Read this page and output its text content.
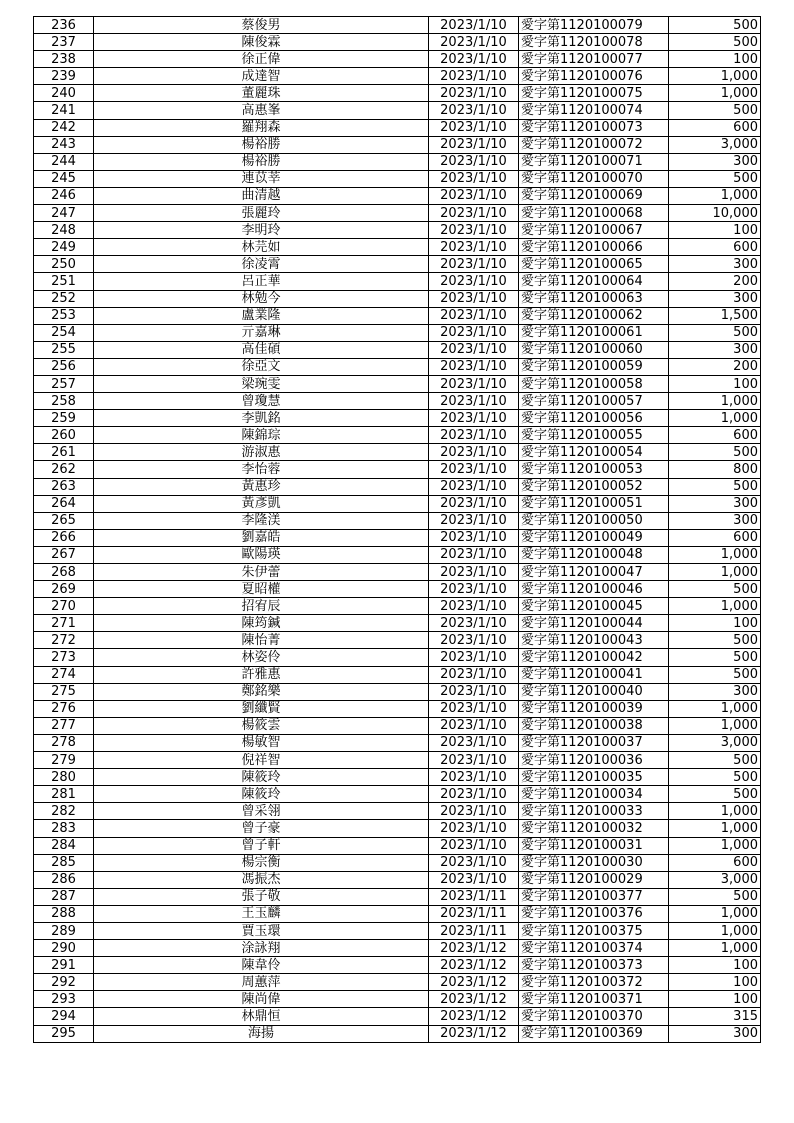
236	蔡俊男	2023/1/10	愛字第1120100079	500
237	陳俊霖	2023/1/10	愛字第1120100078	500
238	徐正偉	2023/1/10	愛字第1120100077	100
239	成達智	2023/1/10	愛字第1120100076	1,000
240	董麗珠	2023/1/10	愛字第1120100075	1,000
241	高惠峯	2023/1/10	愛字第1120100074	500
242	羅翔森	2023/1/10	愛字第1120100073	600
243	楊裕勝	2023/1/10	愛字第1120100072	3,000
244	楊裕勝	2023/1/10	愛字第1120100071	300
245	連苡莘	2023/1/10	愛字第1120100070	500
246	曲清越	2023/1/10	愛字第1120100069	1,000
247	張麗玲	2023/1/10	愛字第1120100068	10,000
248	李明玲	2023/1/10	愛字第1120100067	100
249	林芫如	2023/1/10	愛字第1120100066	600
250	徐凌霄	2023/1/10	愛字第1120100065	300
251	呂正華	2023/1/10	愛字第1120100064	200
252	林勉今	2023/1/10	愛字第1120100063	300
253	盧業隆	2023/1/10	愛字第1120100062	1,500
254	亓嘉琳	2023/1/10	愛字第1120100061	500
255	高佳碩	2023/1/10	愛字第1120100060	300
256	徐亞文	2023/1/10	愛字第1120100059	200
257	梁琬雯	2023/1/10	愛字第1120100058	100
258	曾瓊慧	2023/1/10	愛字第1120100057	1,000
259	李凱銘	2023/1/10	愛字第1120100056	1,000
260	陳錦琮	2023/1/10	愛字第1120100055	600
261	游淑惠	2023/1/10	愛字第1120100054	500
262	李怡蓉	2023/1/10	愛字第1120100053	800
263	黃惠珍	2023/1/10	愛字第1120100052	500
264	黃彥凱	2023/1/10	愛字第1120100051	300
265	李隆渼	2023/1/10	愛字第1120100050	300
266	劉嘉皓	2023/1/10	愛字第1120100049	600
267	歐陽瑛	2023/1/10	愛字第1120100048	1,000
268	朱伊蕾	2023/1/10	愛字第1120100047	1,000
269	夏昭權	2023/1/10	愛字第1120100046	500
270	招宥辰	2023/1/10	愛字第1120100045	1,000
271	陳筠鍼	2023/1/10	愛字第1120100044	100
272	陳怡菁	2023/1/10	愛字第1120100043	500
273	林姿伶	2023/1/10	愛字第1120100042	500
274	許雅惠	2023/1/10	愛字第1120100041	500
275	鄭銘樂	2023/1/10	愛字第1120100040	300
276	劉纖賢	2023/1/10	愛字第1120100039	1,000
277	楊筱雲	2023/1/10	愛字第1120100038	1,000
278	楊敏智	2023/1/10	愛字第1120100037	3,000
279	倪祥智	2023/1/10	愛字第1120100036	500
280	陳筱玲	2023/1/10	愛字第1120100035	500
281	陳筱玲	2023/1/10	愛字第1120100034	500
282	曾采翎	2023/1/10	愛字第1120100033	1,000
283	曾子豪	2023/1/10	愛字第1120100032	1,000
284	曾子軒	2023/1/10	愛字第1120100031	1,000
285	楊宗衡	2023/1/10	愛字第1120100030	600
286	馮振杰	2023/1/10	愛字第1120100029	3,000
287	張子敬	2023/1/11	愛字第1120100377	500
288	王玉麟	2023/1/11	愛字第1120100376	1,000
289	賈玉環	2023/1/11	愛字第1120100375	1,000
290	涂詠翔	2023/1/12	愛字第1120100374	1,000
291	陳韋伶	2023/1/12	愛字第1120100373	100
292	周蕙萍	2023/1/12	愛字第1120100372	100
293	陳尚偉	2023/1/12	愛字第1120100371	100
294	林鼎恒	2023/1/12	愛字第1120100370	315
295	海揚	2023/1/12	愛字第1120100369	300
